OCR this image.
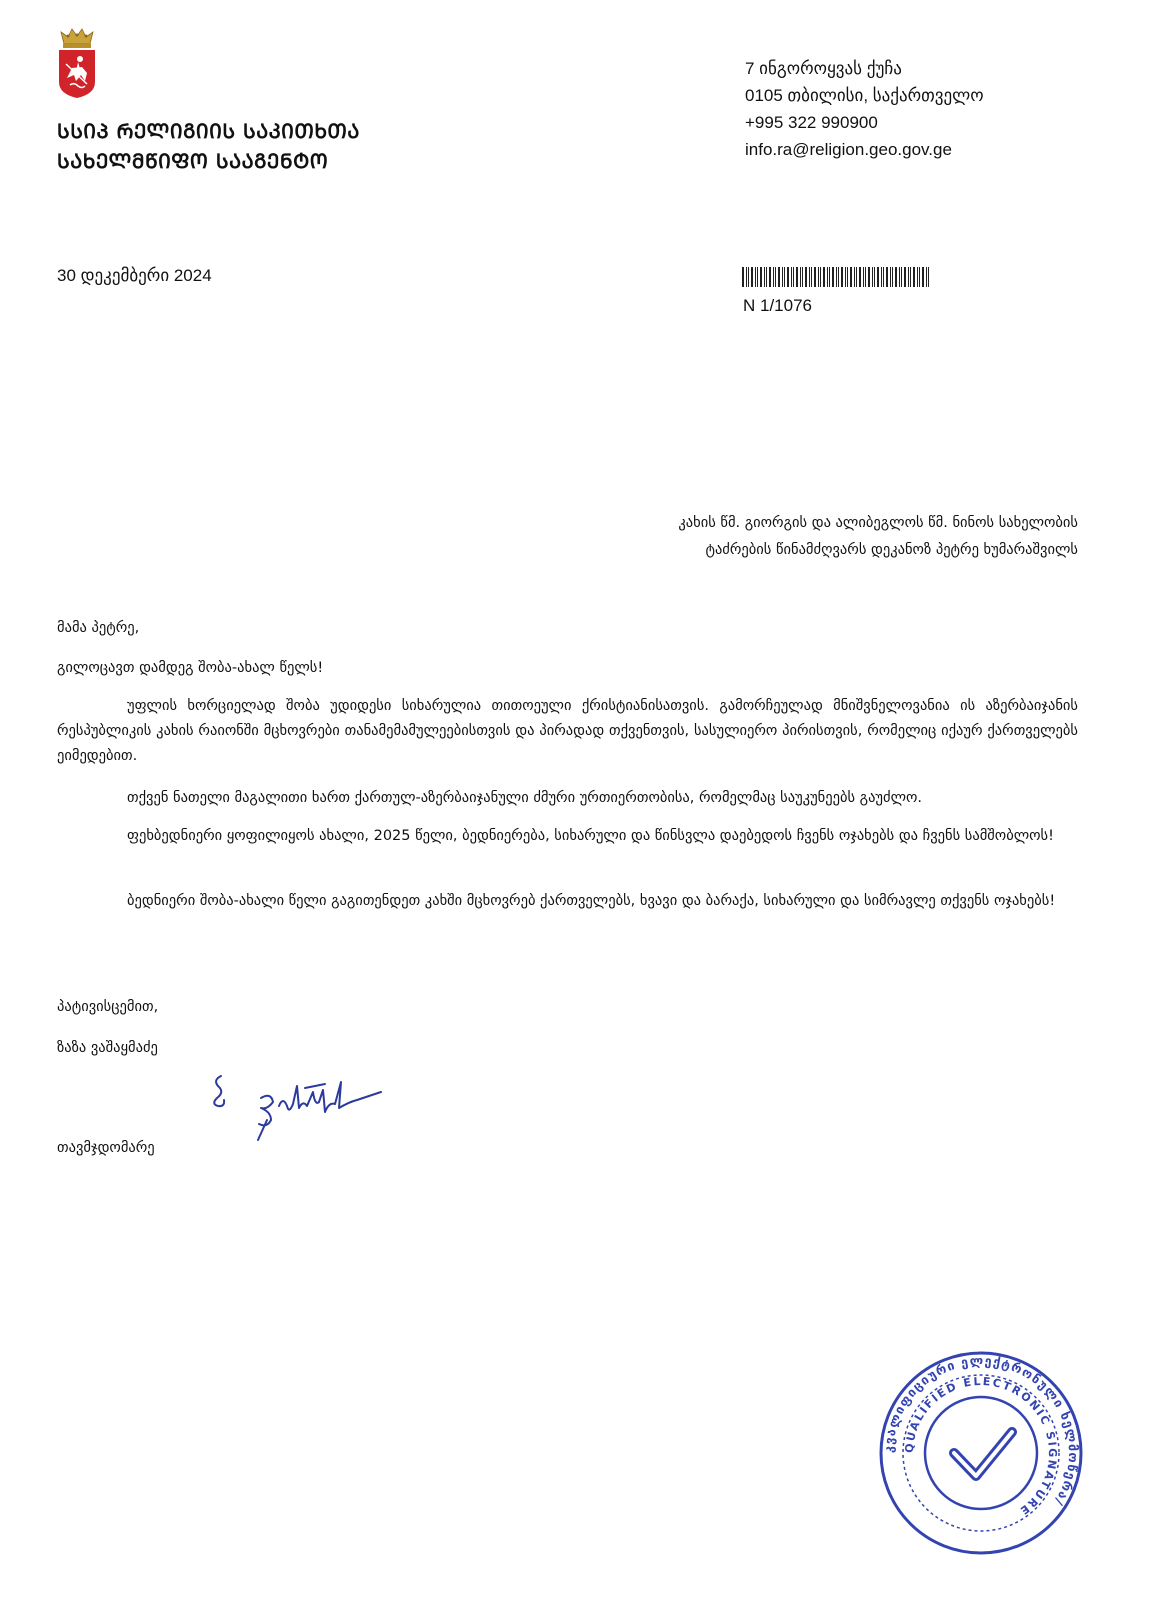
ᲡᲡᲘᲞ ᲠᲔᲚᲘᲒᲘᲘᲡ ᲡᲐᲙᲘᲗᲮᲗᲐ
ᲡᲐᲮᲔᲚᲛᲬᲘᲤᲝ ᲡᲐᲐᲒᲔᲜᲢᲝ
7 ინგოროყვას ქუჩა
0105 თბილისი, საქართველო
+995 322 990900
info.ra@religion.geo.gov.ge
30 დეკემბერი 2024
N 1/1076
კახის წმ. გიორგის და ალიბეგლოს წმ. ნინოს სახელობის
ტაძრების წინამძღვარს დეკანოზ პეტრე ხუმარაშვილს

მამა პეტრე,

გილოცავთ დამდეგ შობა-ახალ წელს!

უფლის ხორციელად შობა უდიდესი სიხარულია თითოეული ქრისტიანისათვის. გამორჩეულად მნიშვნელოვანია ის აზერბაიჯანის რესპუბლიკის კახის რაიონში მცხოვრები თანამემამულეებისთვის და პირადად თქვენთვის, სასულიერო პირისთვის, რომელიც იქაურ ქართველებს ეიმედებით.

თქვენ ნათელი მაგალითი ხართ ქართულ-აზერბაიჯანული ძმური ურთიერთობისა, რომელმაც საუკუნეებს გაუძლო.

ფეხბედნიერი ყოფილიყოს ახალი, 2025 წელი, ბედნიერება, სიხარული და წინსვლა დაებედოს ჩვენს ოჯახებს და ჩვენს სამშობლოს!

ბედნიერი შობა-ახალი წელი გაგითენდეთ კახში მცხოვრებ ქართველებს, ხვავი და ბარაქა, სიხარული და სიმრავლე თქვენს ოჯახებს!

პატივისცემით,

ზაზა ვაშაყმაძე

თავმჯდომარე

კვალიფიციური ელექტრონული ხელმოწერა/
QUALIFIED ELECTRONIC SIGNATURE
